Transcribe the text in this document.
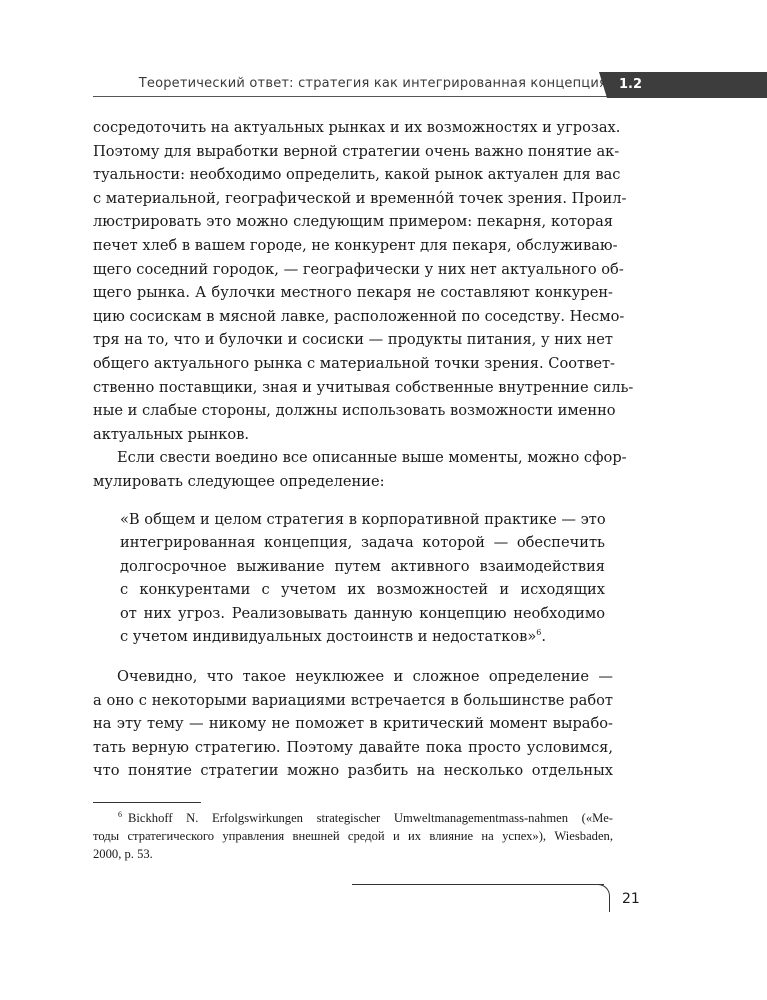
Теоретический ответ: стратегия как интегрированная концепция 1.2

сосредоточить на актуальных рынках и их возможностях и угрозах.
Поэтому для выработки верной стратегии очень важно понятие ак-
туальности: необходимо определить, какой рынок актуален для вас
с материальной, географической и временнóй точек зрения. Проил-
люстрировать это можно следующим примером: пекарня, которая
печет хлеб в вашем городе, не конкурент для пекаря, обслуживаю-
щего соседний городок, — географически у них нет актуального об-
щего рынка. А булочки местного пекаря не составляют конкурен-
цию сосискам в мясной лавке, расположенной по соседству. Несмо-
тря на то, что и булочки и сосиски — продукты питания, у них нет
общего актуального рынка с материальной точки зрения. Соответ-
ственно поставщики, зная и учитывая собственные внутренние силь-
ные и слабые стороны, должны использовать возможности именно
актуальных рынков.

Если свести воедино все описанные выше моменты, можно сфор-
мулировать следующее определение:

«В общем и целом стратегия в корпоративной практике — это
интегрированная концепция, задача которой — обеспечить
долгосрочное выживание путем активного взаимодействия
с конкурентами с учетом их возможностей и исходящих
от них угроз. Реализовывать данную концепцию необходимо
с учетом индивидуальных достоинств и недостатков»$^6$.

Очевидно, что такое неуклюжее и сложное определение —
а оно с некоторыми вариациями встречается в большинстве работ
на эту тему — никому не поможет в критический момент вырабо-
тать верную стратегию. Поэтому давайте пока просто условимся,
что понятие стратегии можно разбить на несколько отдельных

$^6$ Bickhoff N. Erfolgswirkungen strategischer Umweltmanagementmass-nahmen («Ме-
тоды стратегического управления внешней средой и их влияние на успех»), Wiesbaden,
2000, p. 53.
21
